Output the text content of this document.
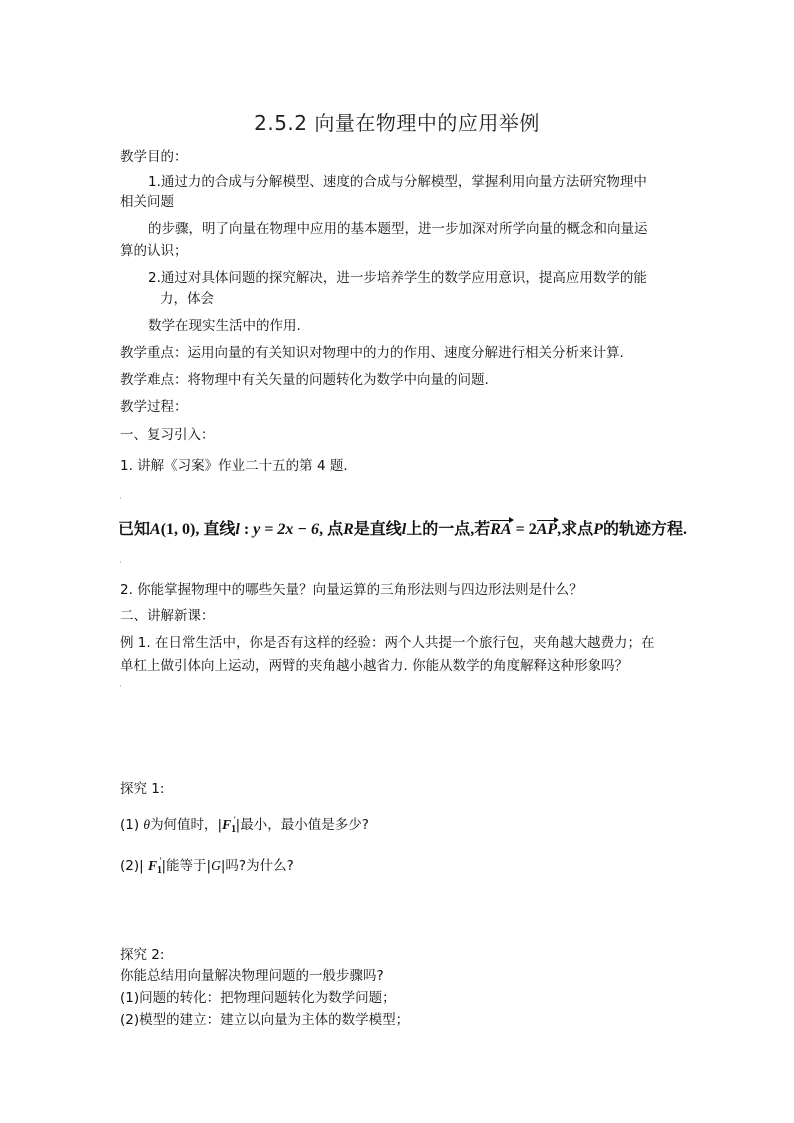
2.5.2 向量在物理中的应用举例
教学目的：
1.通过力的合成与分解模型、速度的合成与分解模型，掌握利用向量方法研究物理中
相关问题
的步骤，明了向量在物理中应用的基本题型，进一步加深对所学向量的概念和向量运
算的认识；
2.通过对具体问题的探究解决，进一步培养学生的数学应用意识，提高应用数学的能
力，体会
数学在现实生活中的作用.
教学重点：运用向量的有关知识对物理中的力的作用、速度分解进行相关分析来计算.
教学难点：将物理中有关矢量的问题转化为数学中向量的问题.
教学过程：
一、复习引入：
1. 讲解《习案》作业二十五的第 4 题.
·
已知A(1, 0), 直线l : y = 2x − 6, 点R是直线l上的一点,若RA = 2AP,求点P的轨迹方程.
·
2. 你能掌握物理中的哪些矢量？向量运算的三角形法则与四边形法则是什么？
二、讲解新课：
例 1. 在日常生活中，你是否有这样的经验：两个人共提一个旅行包，夹角越大越费力；在
单杠上做引体向上运动，两臂的夹角越小越省力. 你能从数学的角度解释这种形象吗？
·
探究 1:
(1) θ为何值时，$|F_1'|$最小，最小值是多少?
(2)| $F_1'|$能等于|G|吗?为什么?
探究 2:
你能总结用向量解决物理问题的一般步骤吗?
(1)问题的转化：把物理问题转化为数学问题；
(2)模型的建立：建立以向量为主体的数学模型；
